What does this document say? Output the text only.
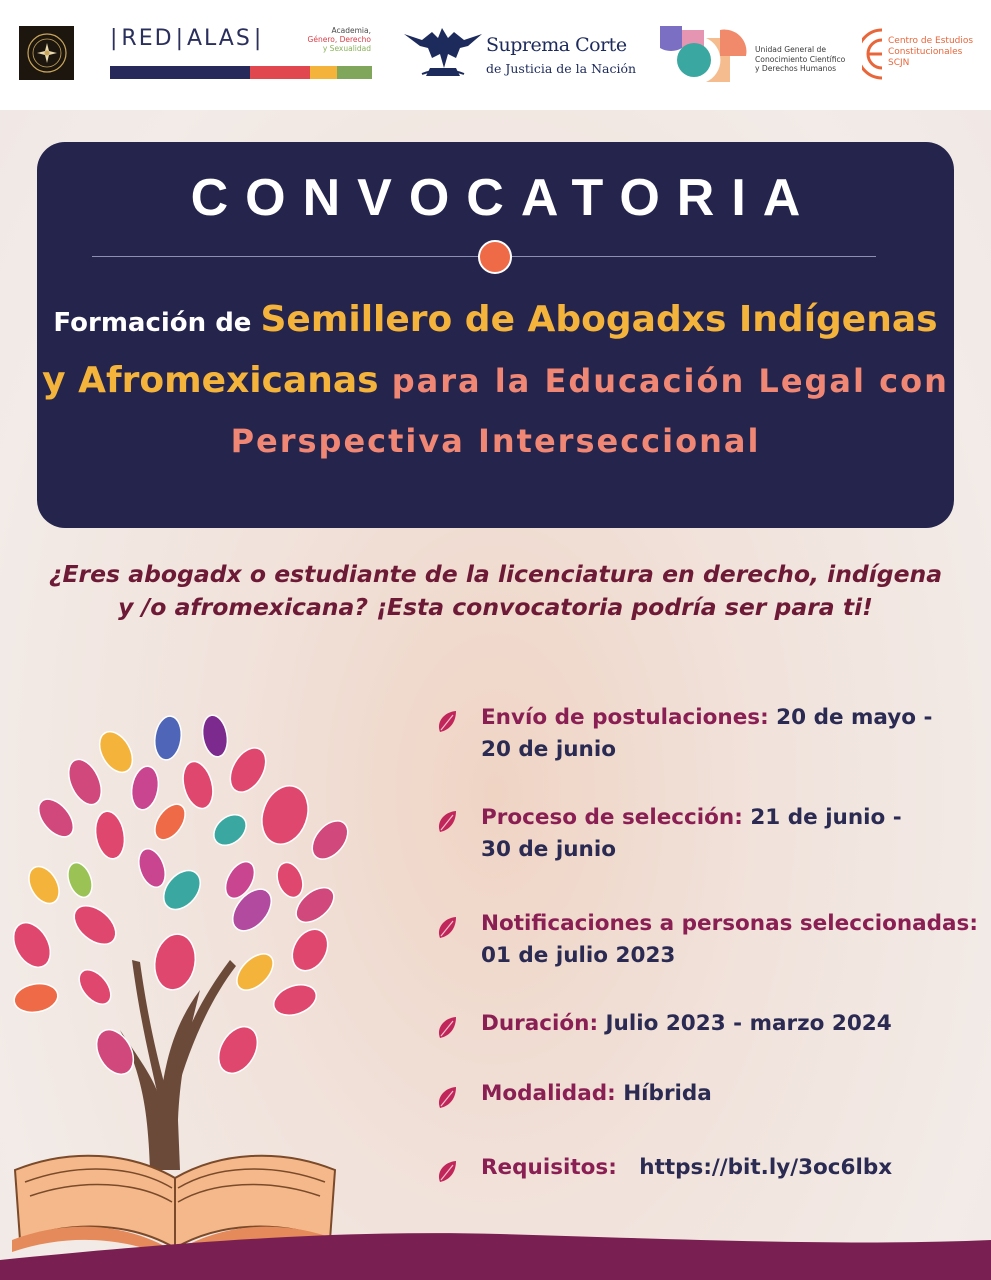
|RED|ALAS|	Academia,
Género, Derecho
y Sexualidad	Suprema Corte
de Justicia de la Nación
Unidad General de
Conocimiento Científico
y Derechos Humanos
Centro de Estudios
Constitucionales
SCJN
CONVOCATORIA
Formación de Semillero de Abogadxs Indígenas y Afromexicanas para la Educación Legal con Perspectiva Interseccional
¿Eres abogadx o estudiante de la licenciatura en derecho, indígena
y /o afromexicana? ¡Esta convocatoria podría ser para ti!
Envío de postulaciones: 20 de mayo -
20 de junio
Proceso de selección: 21 de junio -
30 de junio
Notificaciones a personas seleccionadas:
01 de julio 2023
Duración: Julio 2023 - marzo 2024
Modalidad: Híbrida
Requisitos:   https://bit.ly/3oc6lbx
